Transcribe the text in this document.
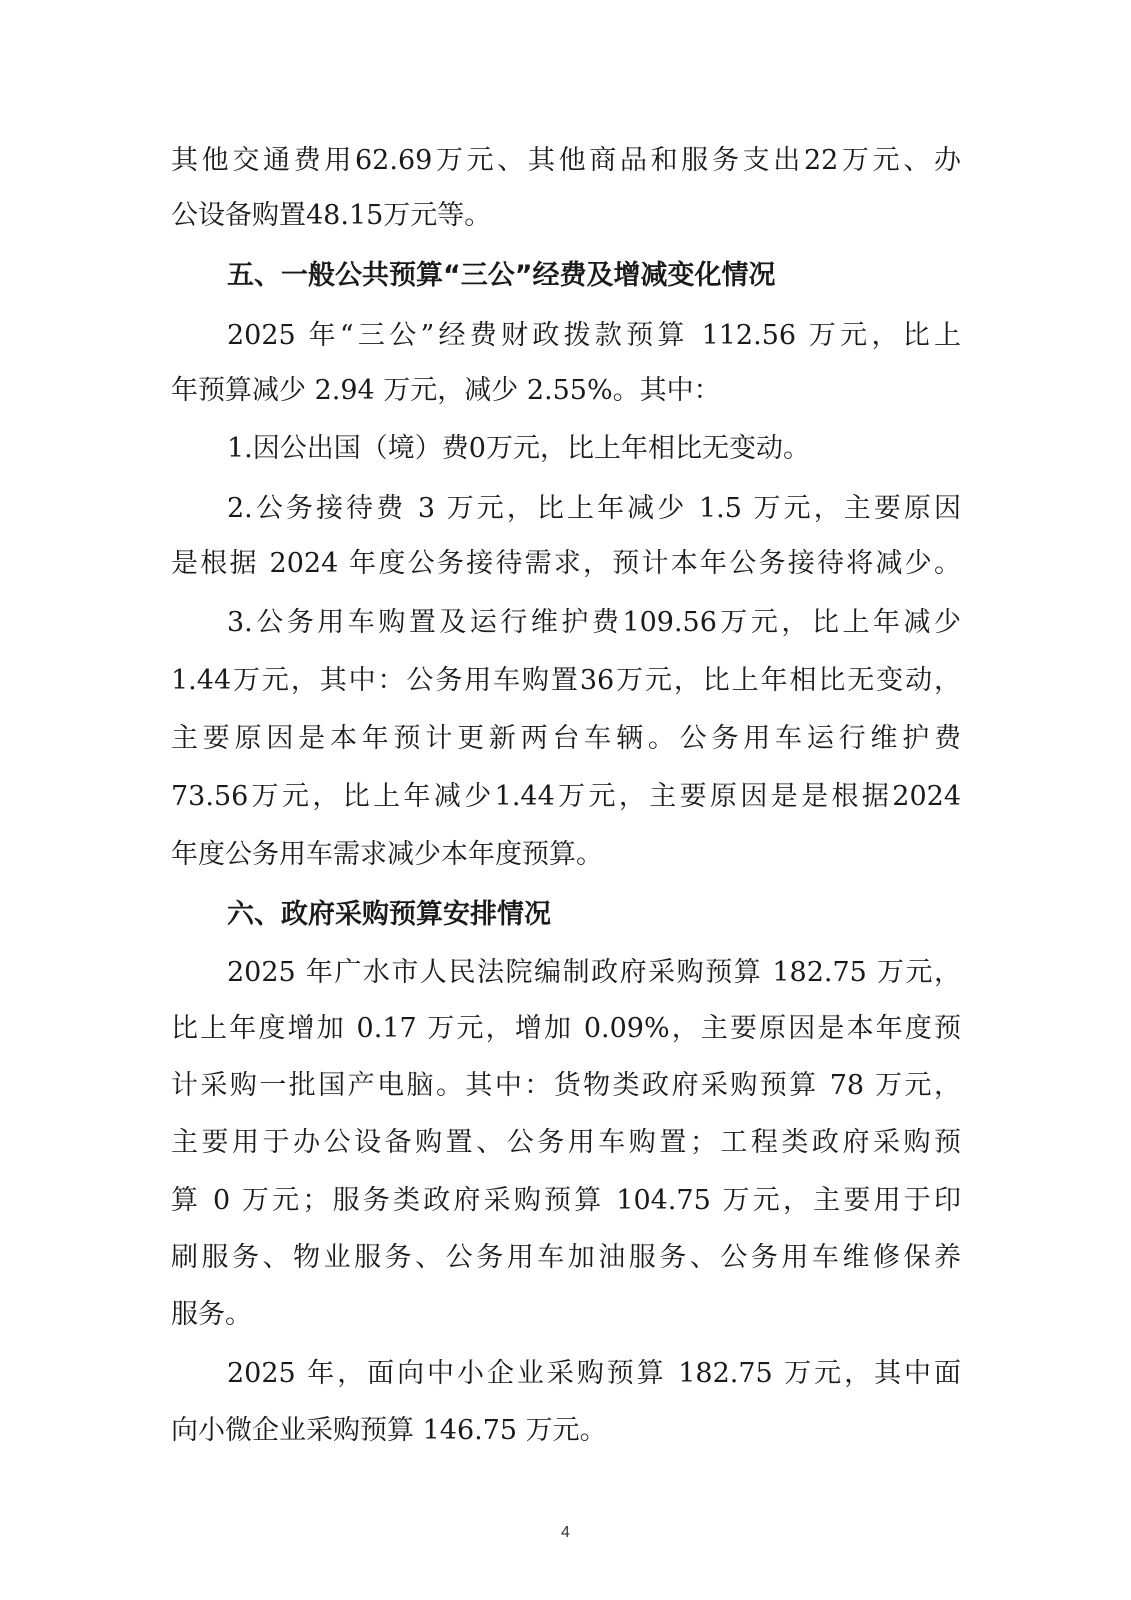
其他交通费用62.69万元、其他商品和服务支出22万元、办
公设备购置48.15万元等。
五、一般公共预算“三公”经费及增减变化情况
2025 年“三公”经费财政拨款预算 112.56 万元，比上
年预算减少 2.94 万元，减少 2.55%。其中：
1.因公出国（境）费0万元，比上年相比无变动。
2.公务接待费 3 万元，比上年减少 1.5 万元，主要原因
是根据 2024 年度公务接待需求，预计本年公务接待将减少。
3.公务用车购置及运行维护费109.56万元，比上年减少
1.44万元，其中：公务用车购置36万元，比上年相比无变动，
主要原因是本年预计更新两台车辆。公务用车运行维护费
73.56万元，比上年减少1.44万元，主要原因是是根据2024
年度公务用车需求减少本年度预算。
六、政府采购预算安排情况
2025 年广水市人民法院编制政府采购预算 182.75 万元，
比上年度增加 0.17 万元，增加 0.09%，主要原因是本年度预
计采购一批国产电脑。其中：货物类政府采购预算 78 万元，
主要用于办公设备购置、公务用车购置；工程类政府采购预
算 0 万元；服务类政府采购预算 104.75 万元，主要用于印
刷服务、物业服务、公务用车加油服务、公务用车维修保养
服务。
2025 年，面向中小企业采购预算 182.75 万元，其中面
向小微企业采购预算 146.75 万元。
4
